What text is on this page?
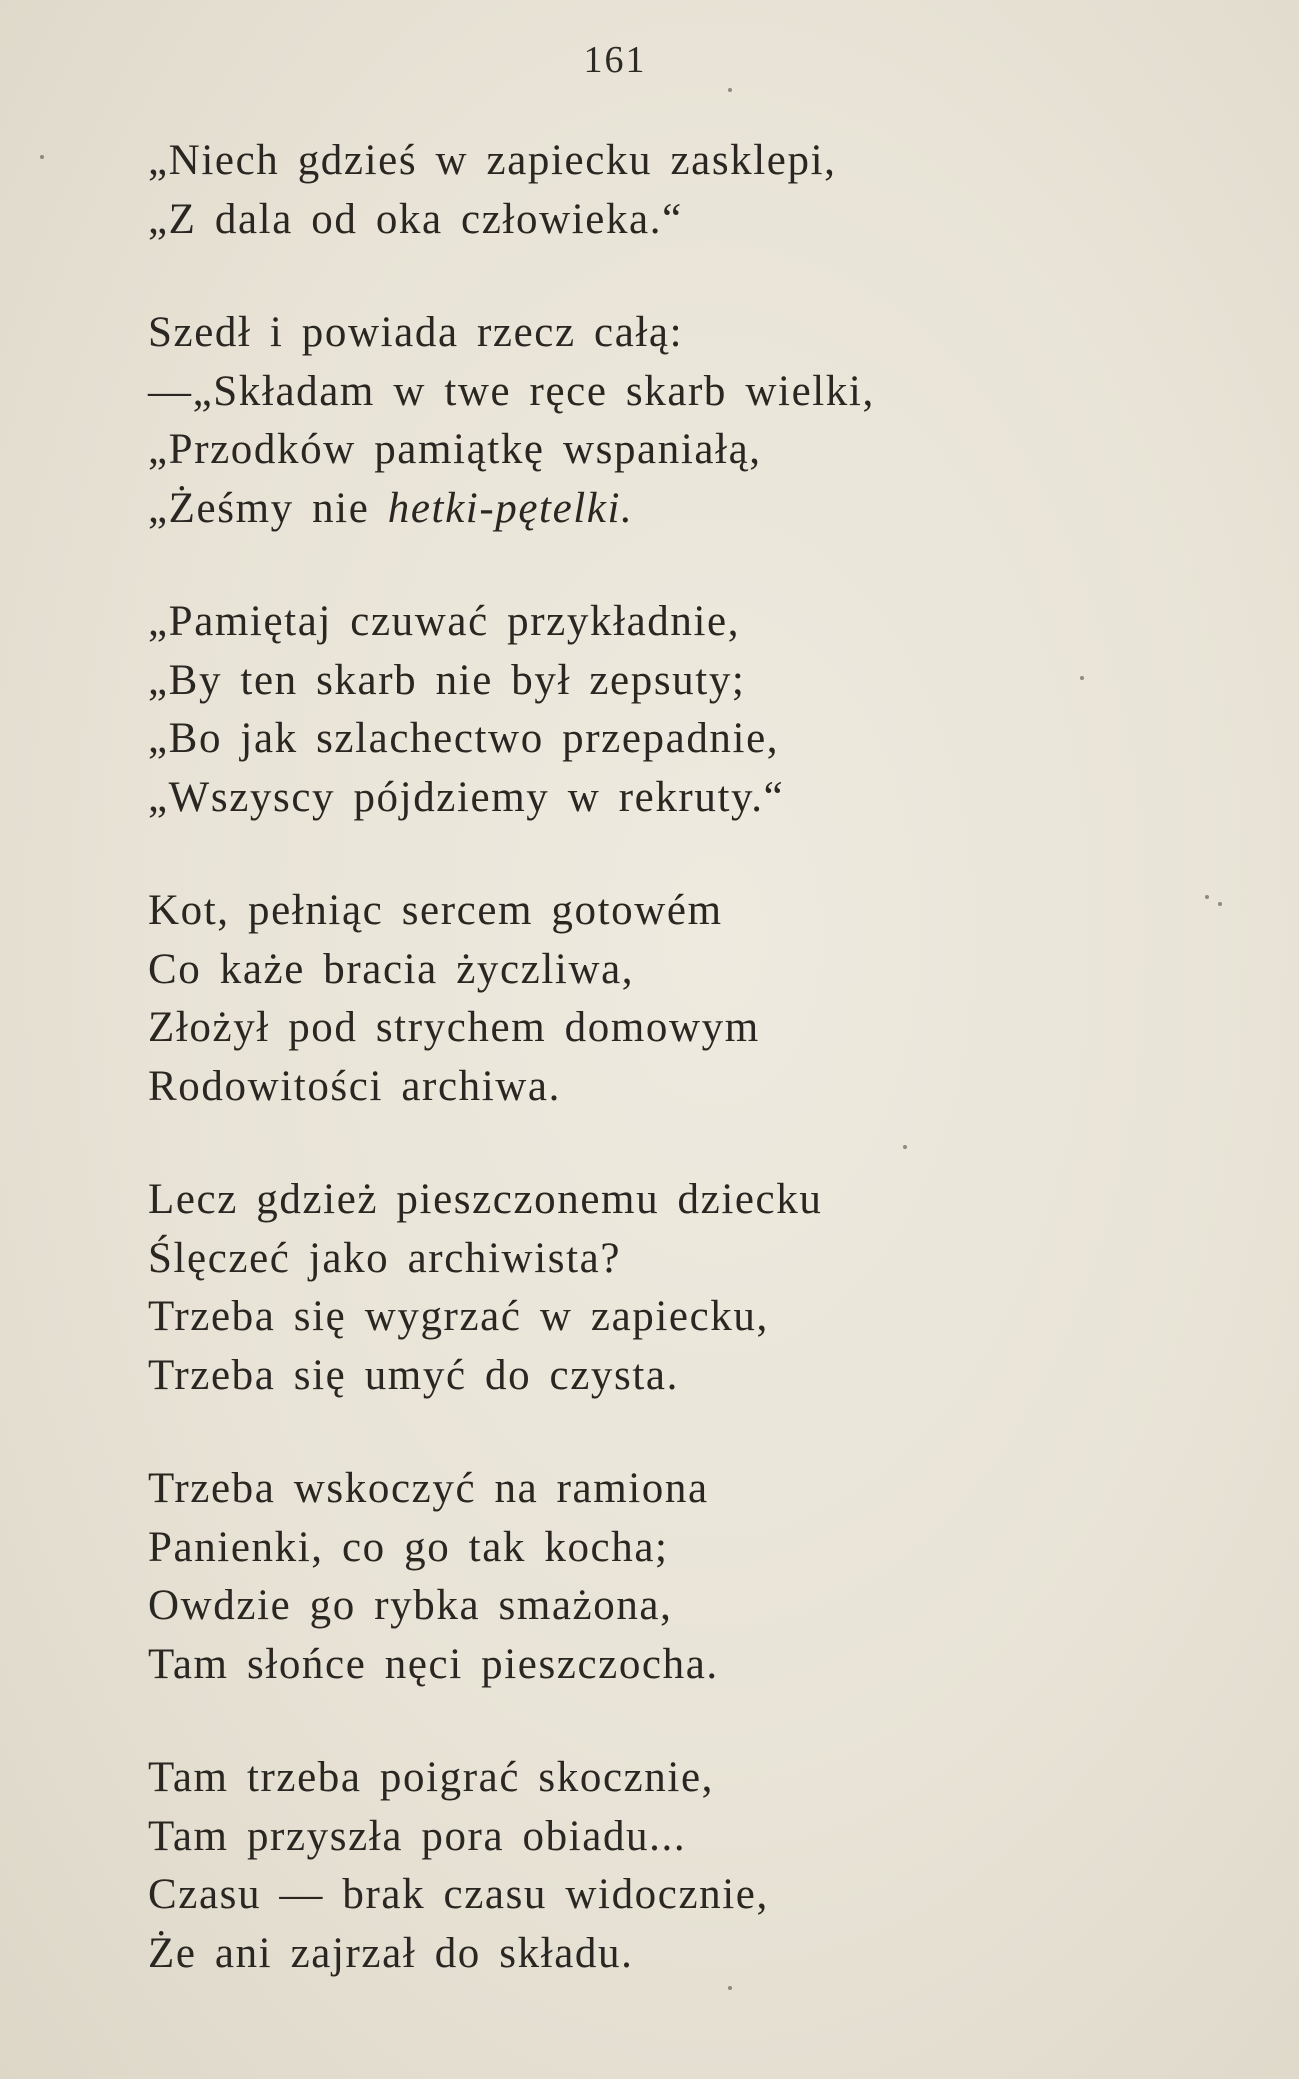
161
„Niech gdzieś w zapiecku zasklepi,
„Z dala od oka człowieka.“
Szedł i powiada rzecz całą:
—„Składam w twe ręce skarb wielki,
„Przodków pamiątkę wspaniałą,
„Żeśmy nie hetki-pętelki.
„Pamiętaj czuwać przykładnie,
„By ten skarb nie był zepsuty;
„Bo jak szlachectwo przepadnie,
„Wszyscy pójdziemy w rekruty.“
Kot, pełniąc sercem gotowém
Co każe bracia życzliwa,
Złożył pod strychem domowym
Rodowitości archiwa.
Lecz gdzież pieszczonemu dziecku
Ślęczeć jako archiwista?
Trzeba się wygrzać w zapiecku,
Trzeba się umyć do czysta.
Trzeba wskoczyć na ramiona
Panienki, co go tak kocha;
Owdzie go rybka smażona,
Tam słońce nęci pieszczocha.
Tam trzeba poigrać skocznie,
Tam przyszła pora obiadu...
Czasu — brak czasu widocznie,
Że ani zajrzał do składu.
